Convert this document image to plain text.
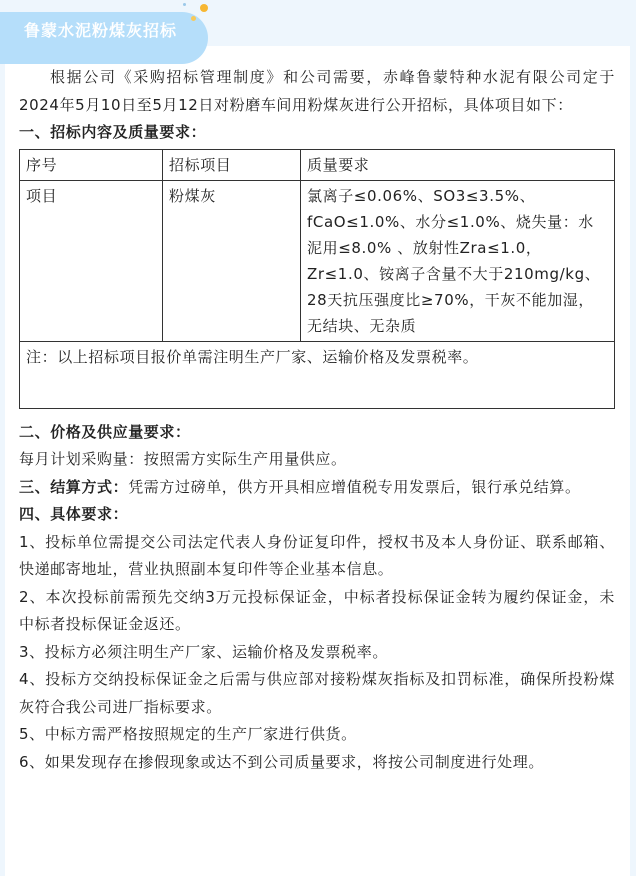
鲁蒙水泥粉煤灰招标

根据公司《采购招标管理制度》和公司需要，赤峰鲁蒙特种水泥有限公司定于2024年5月10日至5月12日对粉磨车间用粉煤灰进行公开招标，具体项目如下：

一、招标内容及质量要求：

序号	招标项目	质量要求
项目	粉煤灰	氯离子≤0.06%、SO3≤3.5%、fCaO≤1.0%、水分≤1.0%、烧失量：水泥用≤8.0% 、放射性Zra≤1.0，Zr≤1.0、铵离子含量不大于210mg/kg、28天抗压强度比≥70%，干灰不能加湿，无结块、无杂质
注：以上招标项目报价单需注明生产厂家、运输价格及发票税率。		

二、价格及供应量要求：

每月计划采购量：按照需方实际生产用量供应。

三、结算方式：凭需方过磅单，供方开具相应增值税专用发票后，银行承兑结算。

四、具体要求：

1、投标单位需提交公司法定代表人身份证复印件，授权书及本人身份证、联系邮箱、快递邮寄地址，营业执照副本复印件等企业基本信息。

2、本次投标前需预先交纳3万元投标保证金，中标者投标保证金转为履约保证金，未中标者投标保证金返还。

3、投标方必须注明生产厂家、运输价格及发票税率。

4、投标方交纳投标保证金之后需与供应部对接粉煤灰指标及扣罚标准，确保所投粉煤灰符合我公司进厂指标要求。

5、中标方需严格按照规定的生产厂家进行供货。

6、如果发现存在掺假现象或达不到公司质量要求，将按公司制度进行处理。
